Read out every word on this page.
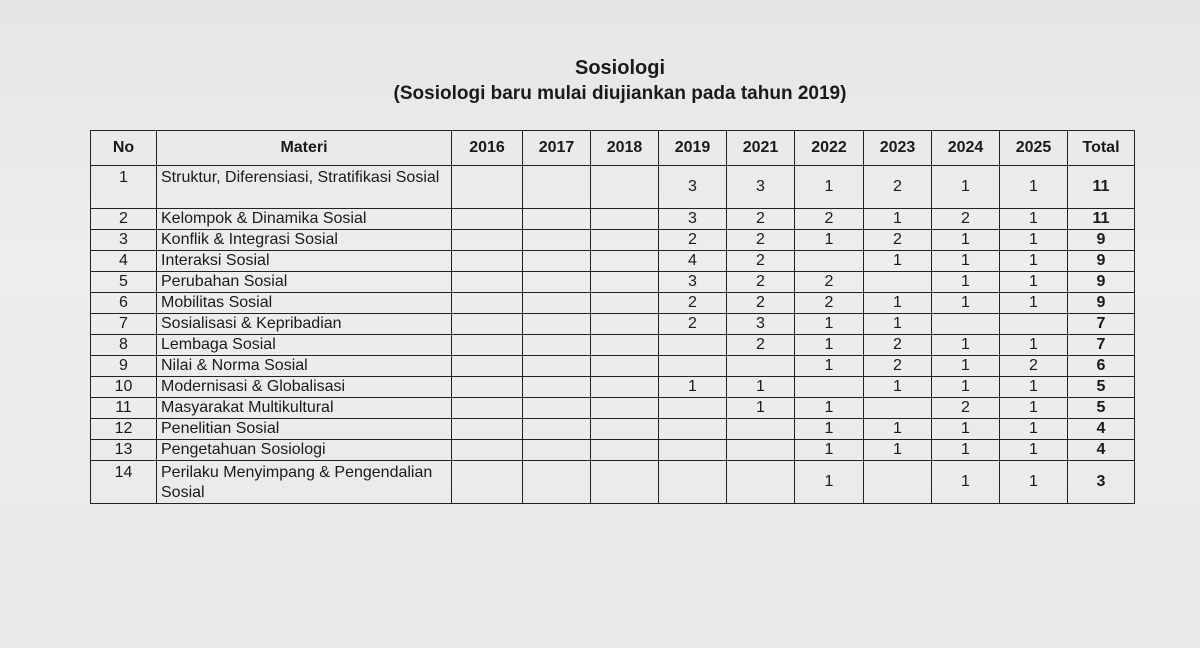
Sosiologi
(Sosiologi baru mulai diujiankan pada tahun 2019)
No	Materi	2016	2017	2018	2019	2021	2022	2023	2024	2025	Total
1	Struktur, Diferensiasi, Stratifikasi Sosial				3	3	1	2	1	1	11
2	Kelompok & Dinamika Sosial				3	2	2	1	2	1	11
3	Konflik & Integrasi Sosial				2	2	1	2	1	1	9
4	Interaksi Sosial				4	2		1	1	1	9
5	Perubahan Sosial				3	2	2		1	1	9
6	Mobilitas Sosial				2	2	2	1	1	1	9
7	Sosialisasi & Kepribadian				2	3	1	1			7
8	Lembaga Sosial					2	1	2	1	1	7
9	Nilai & Norma Sosial						1	2	1	2	6
10	Modernisasi & Globalisasi				1	1		1	1	1	5
11	Masyarakat Multikultural					1	1		2	1	5
12	Penelitian Sosial						1	1	1	1	4
13	Pengetahuan Sosiologi						1	1	1	1	4
14	Perilaku Menyimpang & Pengendalian Sosial						1		1	1	3
